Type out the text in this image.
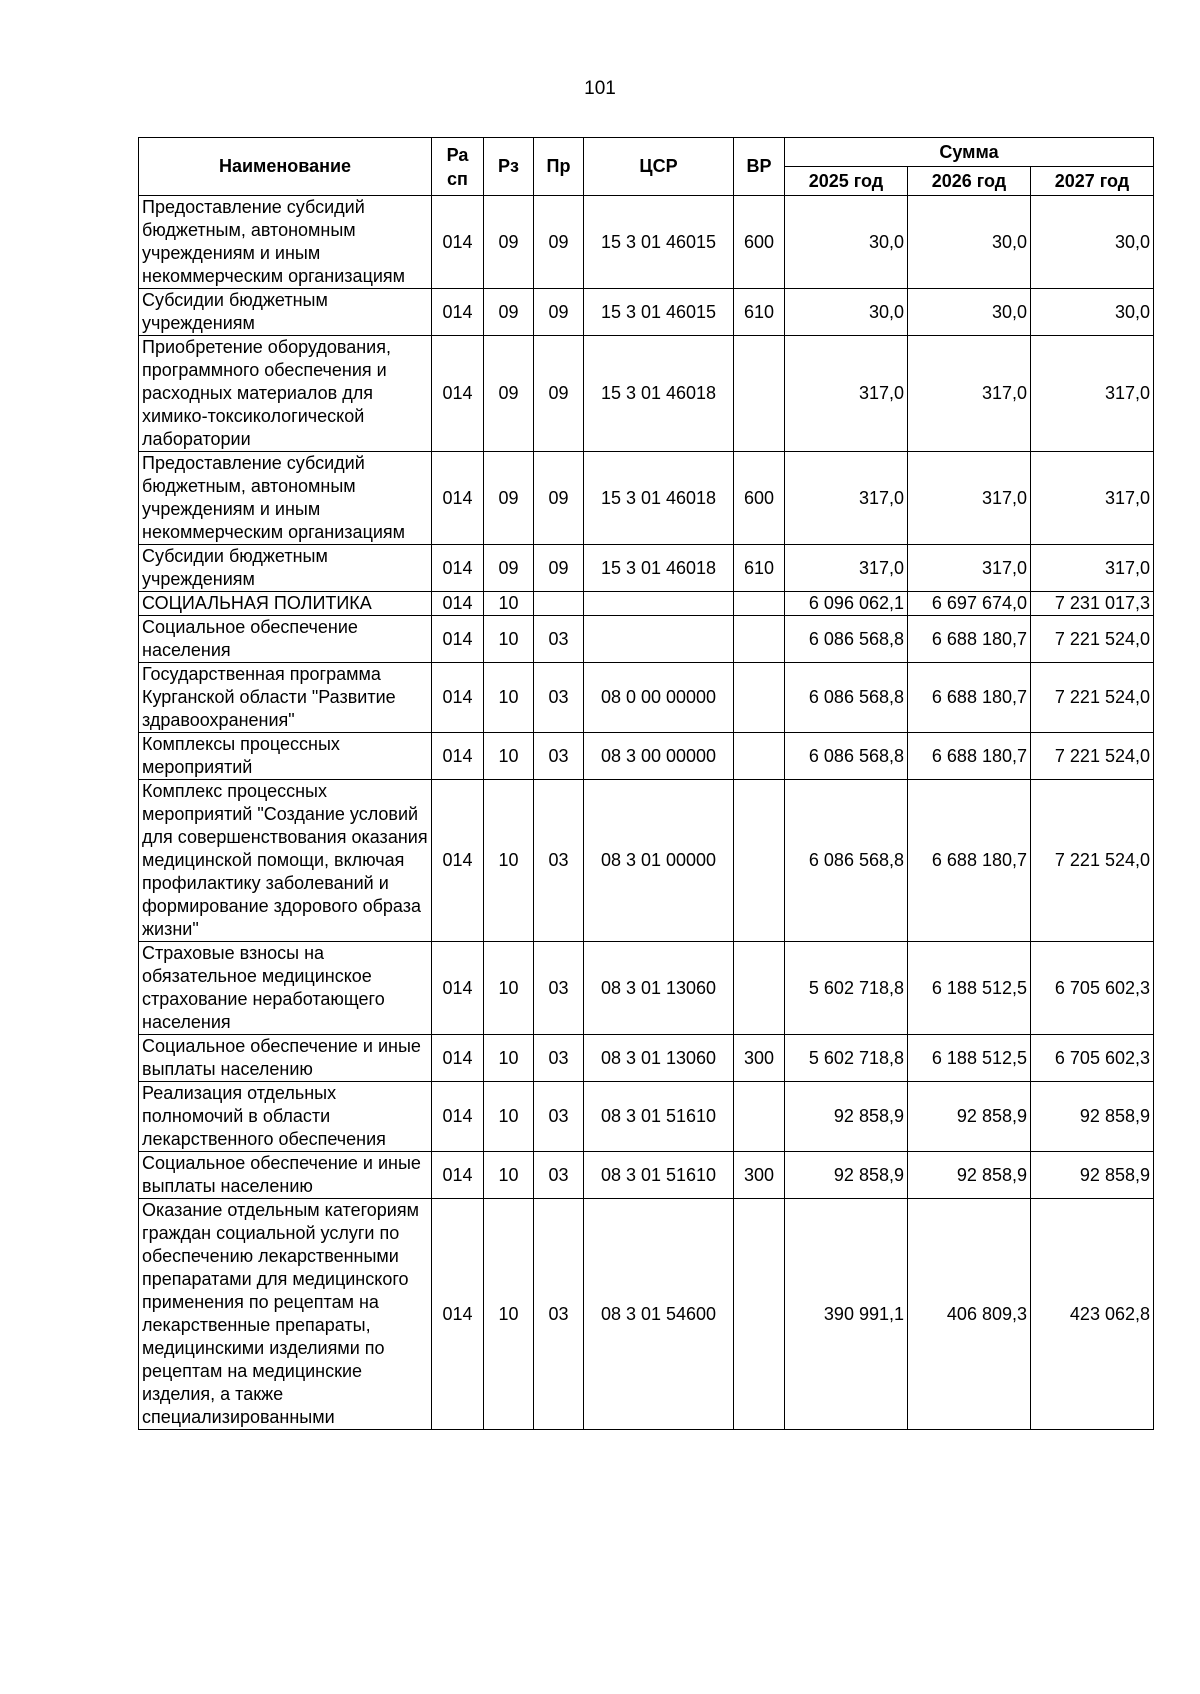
101
Наименование	Ра сп	Рз	Пр	ЦСР	ВР	Сумма		
						2025 год	2026 год	2027 год
Предоставление субсидий бюджетным, автономным учреждениям и иным некоммерческим организациям	014	09	09	15 3 01 46015	600	30,0	30,0	30,0
Субсидии бюджетным учреждениям	014	09	09	15 3 01 46015	610	30,0	30,0	30,0
Приобретение оборудования, программного обеспечения и расходных материалов для химико-токсикологической лаборатории	014	09	09	15 3 01 46018		317,0	317,0	317,0
Предоставление субсидий бюджетным, автономным учреждениям и иным некоммерческим организациям	014	09	09	15 3 01 46018	600	317,0	317,0	317,0
Субсидии бюджетным учреждениям	014	09	09	15 3 01 46018	610	317,0	317,0	317,0
СОЦИАЛЬНАЯ ПОЛИТИКА	014	10				6 096 062,1	6 697 674,0	7 231 017,3
Социальное обеспечение населения	014	10	03			6 086 568,8	6 688 180,7	7 221 524,0
Государственная программа Курганской области "Развитие здравоохранения"	014	10	03	08 0 00 00000		6 086 568,8	6 688 180,7	7 221 524,0
Комплексы процессных мероприятий	014	10	03	08 3 00 00000		6 086 568,8	6 688 180,7	7 221 524,0
Комплекс процессных мероприятий "Создание условий для совершенствования оказания медицинской помощи, включая профилактику заболеваний и формирование здорового образа жизни"	014	10	03	08 3 01 00000		6 086 568,8	6 688 180,7	7 221 524,0
Страховые взносы на обязательное медицинское страхование неработающего населения	014	10	03	08 3 01 13060		5 602 718,8	6 188 512,5	6 705 602,3
Социальное обеспечение и иные выплаты населению	014	10	03	08 3 01 13060	300	5 602 718,8	6 188 512,5	6 705 602,3
Реализация отдельных полномочий в области лекарственного обеспечения	014	10	03	08 3 01 51610		92 858,9	92 858,9	92 858,9
Социальное обеспечение и иные выплаты населению	014	10	03	08 3 01 51610	300	92 858,9	92 858,9	92 858,9
Оказание отдельным категориям граждан социальной услуги по обеспечению лекарственными препаратами для медицинского применения по рецептам на лекарственные препараты, медицинскими изделиями по рецептам на медицинские изделия, а также специализированными	014	10	03	08 3 01 54600		390 991,1	406 809,3	423 062,8
